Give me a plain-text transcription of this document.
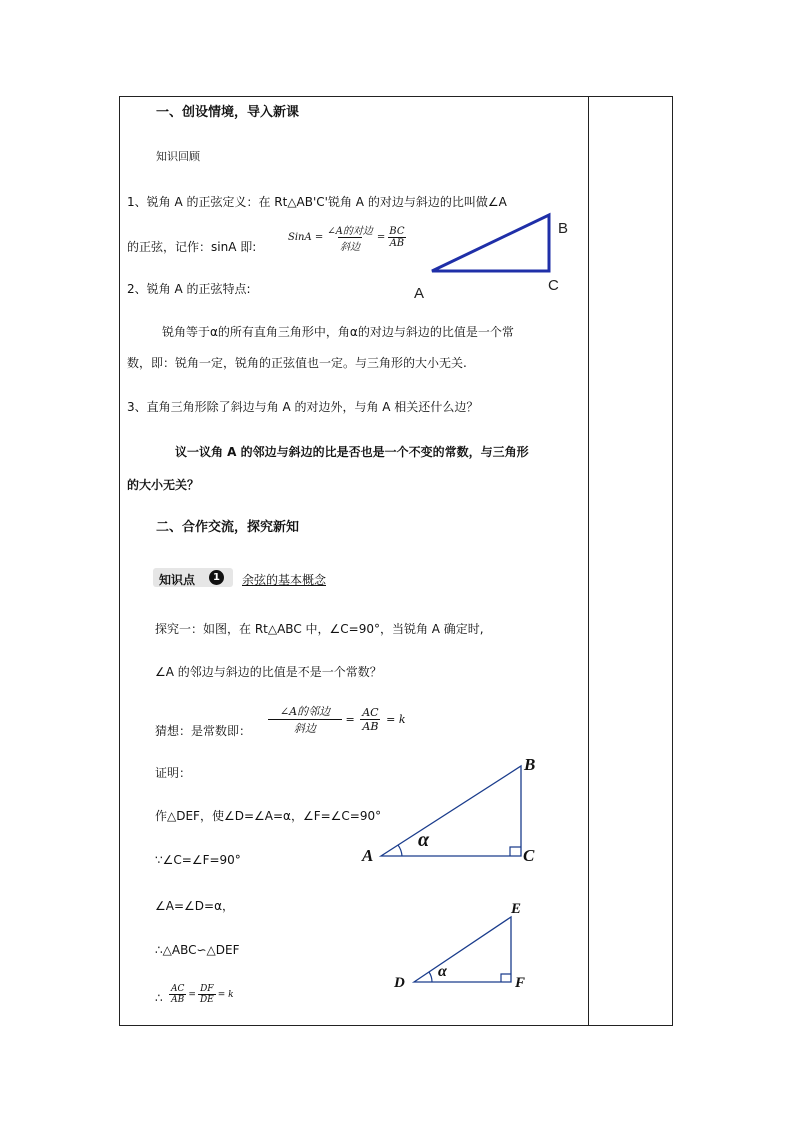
一、创设情境，导入新课
知识回顾
1、锐角 A 的正弦定义：在 Rt△AB'C'锐角 A 的对边与斜边的比叫做∠A
的正弦，记作：sinA 即:
SinA =
∠A的对边
斜边
= $\frac{BC}{AB}$
2、锐角 A 的正弦特点:
锐角等于α的所有直角三角形中，角α的对边与斜边的比值是一个常
数，即：锐角一定，锐角的正弦值也一定。与三角形的大小无关.
3、直角三角形除了斜边与角 A 的对边外，与角 A 相关还什么边？
议一议角 A 的邻边与斜边的比是否也是一个不变的常数，与三角形
的大小无关？
二、合作交流，探究新知
知识点	1	余弦的基本概念
探究一：如图，在 Rt△ABC 中，∠C=90°，当锐角 A 确定时,
∠A 的邻边与斜边的比值是不是一个常数？
猜想：是常数即：
∠A的邻边
斜边
= $\frac{AC}{AB} = k$
证明：
作△DEF，使∠D=∠A=α，∠F=∠C=90°
∵∠C=∠F=90°
∠A=∠D=α，
∴△ABC∽△DEF
∴ $\frac{AC}{AB} = \frac{DF}{DE} = k$
B
C
A
B
C
A
α
E
F
D
α
